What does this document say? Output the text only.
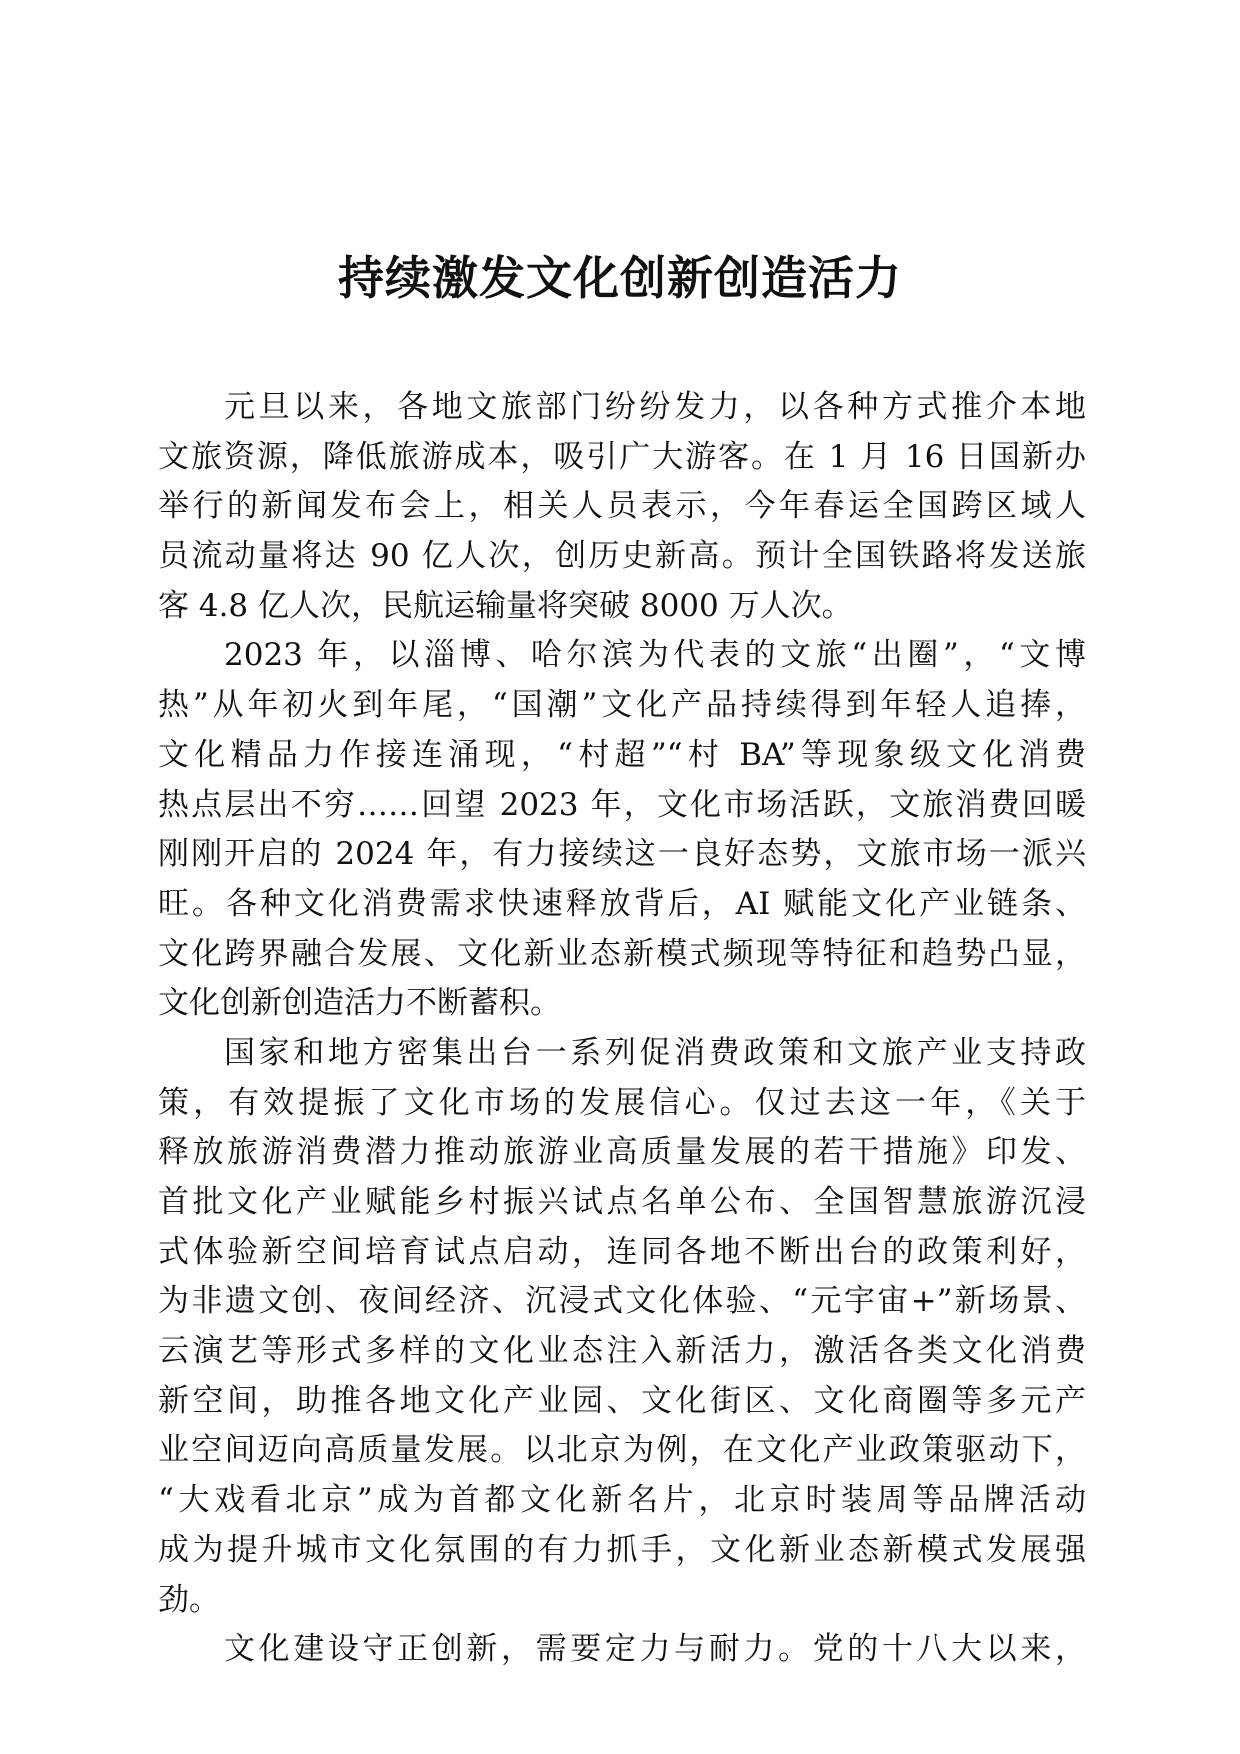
持续激发文化创新创造活力
元旦以来，各地文旅部门纷纷发力，以各种方式推介本地
文旅资源，降低旅游成本，吸引广大游客。在 1 月 16 日国新办
举行的新闻发布会上，相关人员表示，今年春运全国跨区域人
员流动量将达 90 亿人次，创历史新高。预计全国铁路将发送旅
客 4.8 亿人次，民航运输量将突破 8000 万人次。
2023 年，以淄博、哈尔滨为代表的文旅“出圈”，“文博
热”从年初火到年尾，“国潮”文化产品持续得到年轻人追捧，
文化精品力作接连涌现，“村超”“村 BA”等现象级文化消费
热点层出不穷……回望 2023 年，文化市场活跃，文旅消费回暖
刚刚开启的 2024 年，有力接续这一良好态势，文旅市场一派兴
旺。各种文化消费需求快速释放背后，AI 赋能文化产业链条、
文化跨界融合发展、文化新业态新模式频现等特征和趋势凸显，
文化创新创造活力不断蓄积。
国家和地方密集出台一系列促消费政策和文旅产业支持政
策，有效提振了文化市场的发展信心。仅过去这一年，《关于
释放旅游消费潜力推动旅游业高质量发展的若干措施》印发、
首批文化产业赋能乡村振兴试点名单公布、全国智慧旅游沉浸
式体验新空间培育试点启动，连同各地不断出台的政策利好，
为非遗文创、夜间经济、沉浸式文化体验、“元宇宙+”新场景、
云演艺等形式多样的文化业态注入新活力，激活各类文化消费
新空间，助推各地文化产业园、文化街区、文化商圈等多元产
业空间迈向高质量发展。以北京为例，在文化产业政策驱动下，
“大戏看北京”成为首都文化新名片，北京时装周等品牌活动
成为提升城市文化氛围的有力抓手，文化新业态新模式发展强
劲。
文化建设守正创新，需要定力与耐力。党的十八大以来，
